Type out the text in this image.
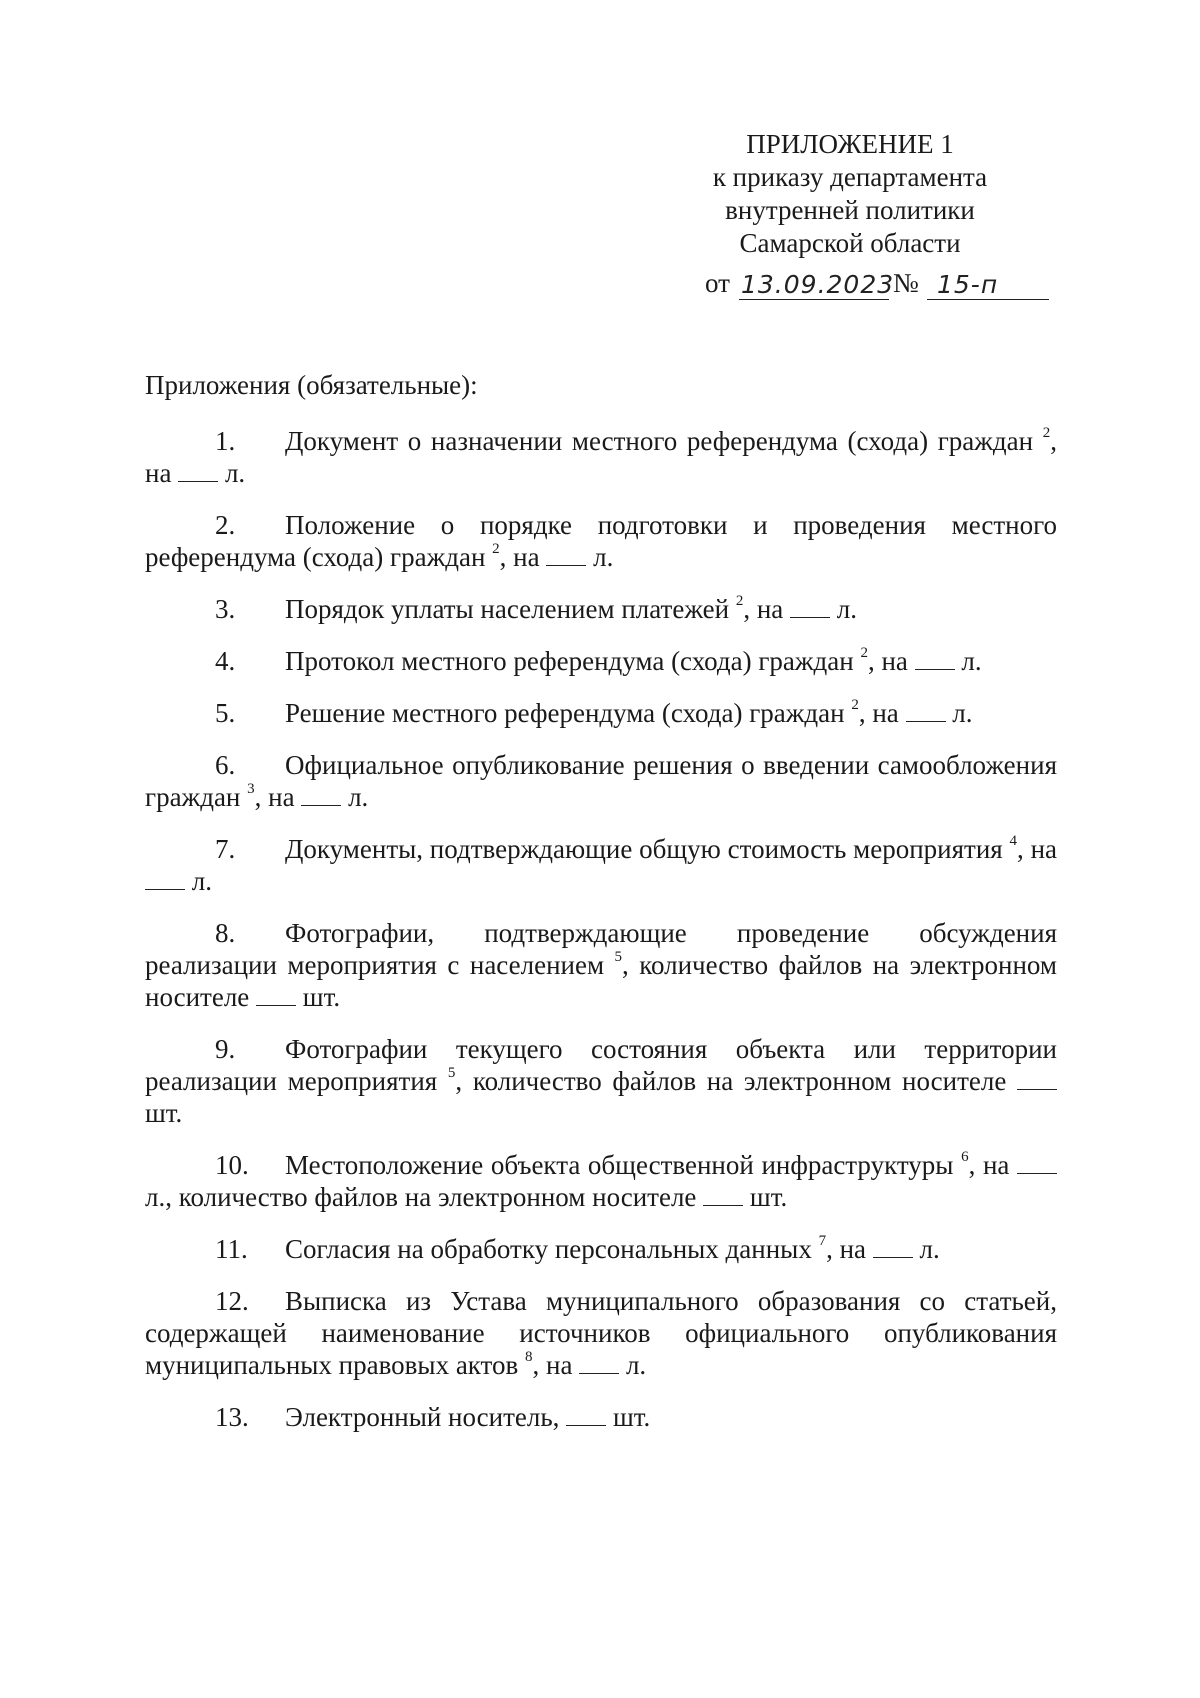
ПРИЛОЖЕНИЕ 1
к приказу департамента
внутренней политики
Самарской области
от 13.09.2023
№ 15-п
Приложения (обязательные):
1. Документ о назначении местного референдума (схода) граждан $^2$, на л.
2. Положение о порядке подготовки и проведения местного референдума (схода) граждан $^2$, на л.
3. Порядок уплаты населением платежей $^2$, на л.
4. Протокол местного референдума (схода) граждан $^2$, на л.
5. Решение местного референдума (схода) граждан $^2$, на л.
6. Официальное опубликование решения о введении самообложения граждан $^3$, на л.
7. Документы, подтверждающие общую стоимость мероприятия $^4$, на  л.
8. Фотографии, подтверждающие проведение обсуждения реализации мероприятия с населением $^5$, количество файлов на электронном носителе шт.
9. Фотографии текущего состояния объекта или территории реализации мероприятия $^5$, количество файлов на электронном носителе  шт.
10. Местоположение объекта общественной инфраструктуры $^6$, на  л., количество файлов на электронном носителе шт.
11. Согласия на обработку персональных данных $^7$, на л.
12. Выписка из Устава муниципального образования со статьей, содержащей наименование источников официального опубликования муниципальных правовых актов $^8$, на л.
13. Электронный носитель, шт.
